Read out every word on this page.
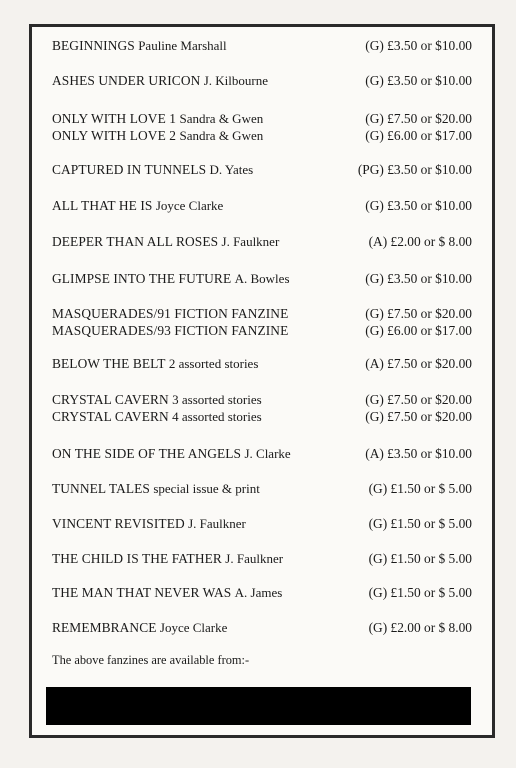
BEGINNINGS Pauline Marshall	(G) £3.50 or $10.00
ASHES UNDER URICON J. Kilbourne	(G) £3.50 or $10.00
ONLY WITH LOVE 1 Sandra & Gwen	(G) £7.50 or $20.00
ONLY WITH LOVE 2 Sandra & Gwen	(G) £6.00 or $17.00
CAPTURED IN TUNNELS D. Yates	(PG) £3.50 or $10.00
ALL THAT HE IS Joyce Clarke	(G) £3.50 or $10.00
DEEPER THAN ALL ROSES J. Faulkner	(A) £2.00 or $ 8.00
GLIMPSE INTO THE FUTURE A. Bowles	(G) £3.50 or $10.00
MASQUERADES/91 FICTION FANZINE	(G) £7.50 or $20.00
MASQUERADES/93 FICTION FANZINE	(G) £6.00 or $17.00
BELOW THE BELT 2 assorted stories	(A) £7.50 or $20.00
CRYSTAL CAVERN 3 assorted stories	(G) £7.50 or $20.00
CRYSTAL CAVERN 4 assorted stories	(G) £7.50 or $20.00
ON THE SIDE OF THE ANGELS J. Clarke	(A) £3.50 or $10.00
TUNNEL TALES special issue & print	(G) £1.50 or $ 5.00
VINCENT REVISITED J. Faulkner	(G) £1.50 or $ 5.00
THE CHILD IS THE FATHER J. Faulkner	(G) £1.50 or $ 5.00
THE MAN THAT NEVER WAS A. James	(G) £1.50 or $ 5.00
REMEMBRANCE Joyce Clarke	(G) £2.00 or $ 8.00
The above fanzines are available from:-
